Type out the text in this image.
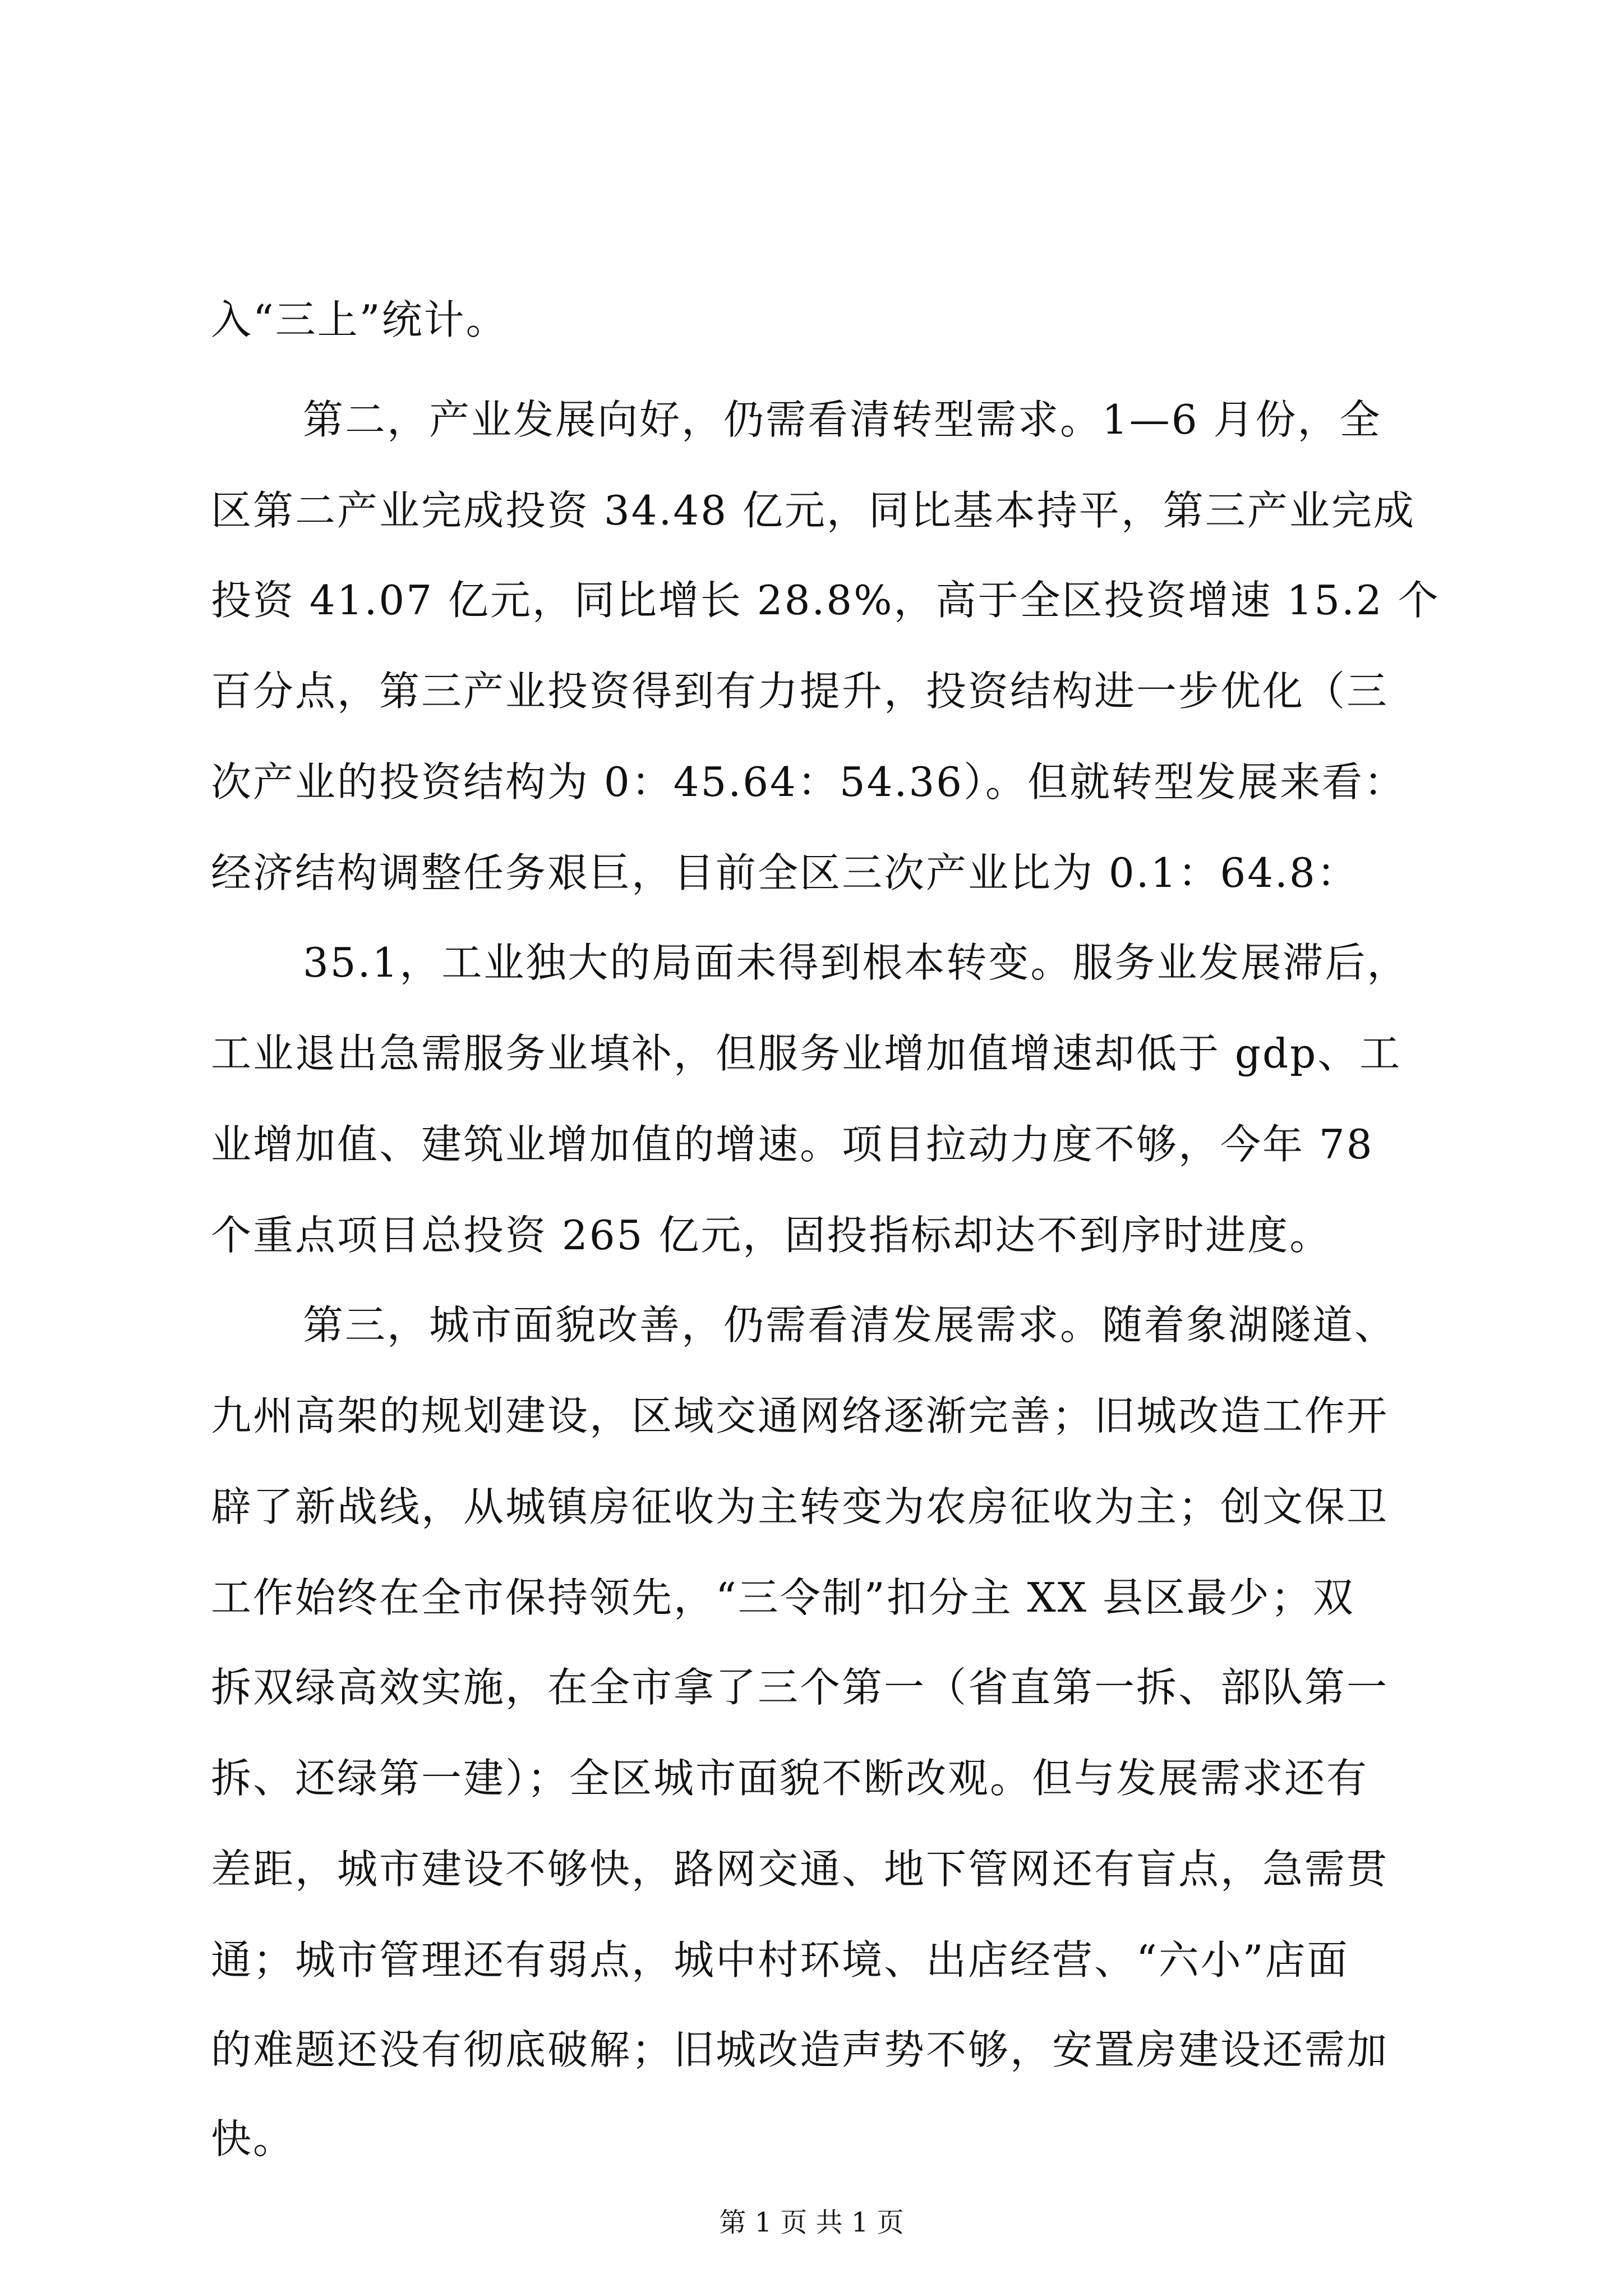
入“三上”统计。

第二，产业发展向好，仍需看清转型需求。1—6 月份，全

区第二产业完成投资 34.48 亿元，同比基本持平，第三产业完成

投资 41.07 亿元，同比增长 28.8%，高于全区投资增速 15.2 个

百分点，第三产业投资得到有力提升，投资结构进一步优化（三

次产业的投资结构为 0：45.64：54.36）。但就转型发展来看：

经济结构调整任务艰巨，目前全区三次产业比为 0.1：64.8：

35.1，工业独大的局面未得到根本转变。服务业发展滞后，

工业退出急需服务业填补，但服务业增加值增速却低于 gdp、工

业增加值、建筑业增加值的增速。项目拉动力度不够，今年 78

个重点项目总投资 265 亿元，固投指标却达不到序时进度。

第三，城市面貌改善，仍需看清发展需求。随着象湖隧道、

九州高架的规划建设，区域交通网络逐渐完善；旧城改造工作开

辟了新战线，从城镇房征收为主转变为农房征收为主；创文保卫

工作始终在全市保持领先，“三令制”扣分主 XX 县区最少；双

拆双绿高效实施，在全市拿了三个第一（省直第一拆、部队第一

拆、还绿第一建）；全区城市面貌不断改观。但与发展需求还有

差距，城市建设不够快，路网交通、地下管网还有盲点，急需贯

通；城市管理还有弱点，城中村环境、出店经营、“六小”店面

的难题还没有彻底破解；旧城改造声势不够，安置房建设还需加

快。

第 1 页 共 1 页
